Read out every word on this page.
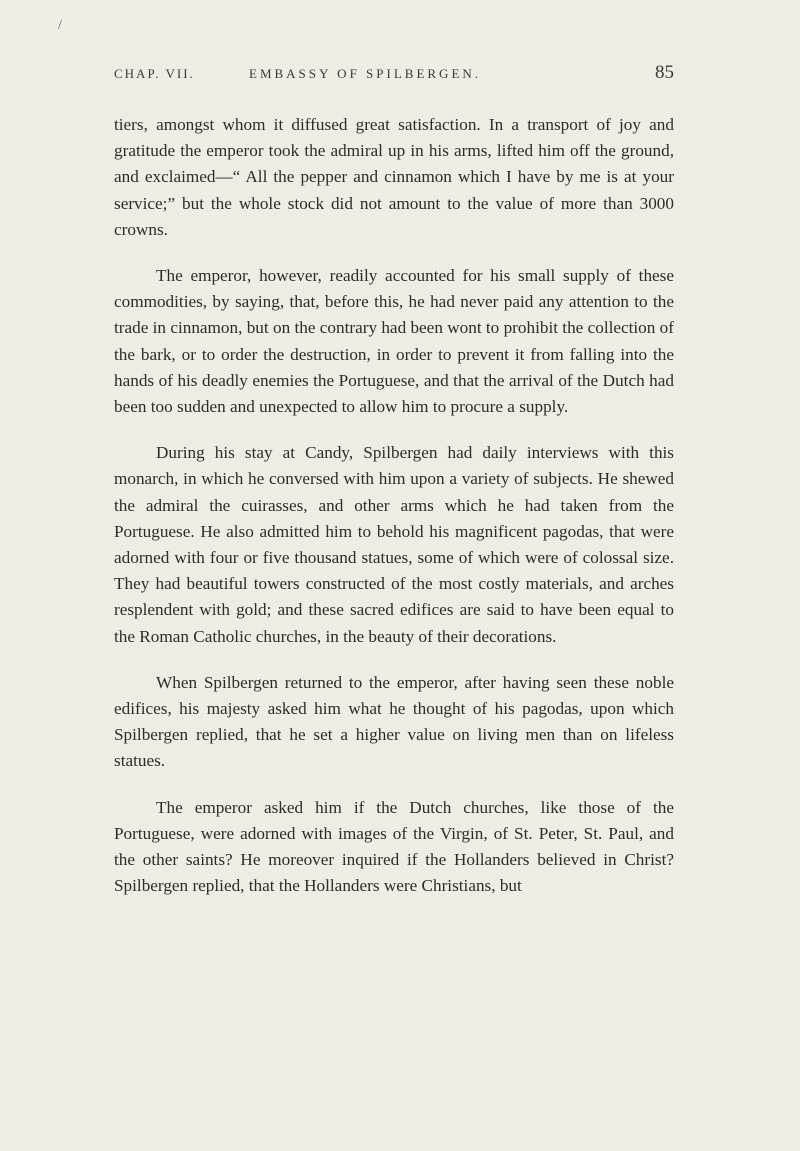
/
CHAP. VII.	EMBASSY OF SPILBERGEN.	85

tiers, amongst whom it diffused great satisfaction. In a transport of joy and gratitude the emperor took the admiral up in his arms, lifted him off the ground, and exclaimed—“ All the pepper and cinnamon which I have by me is at your service;” but the whole stock did not amount to the value of more than 3000 crowns.

The emperor, however, readily accounted for his small supply of these commodities, by saying, that, before this, he had never paid any attention to the trade in cinnamon, but on the contrary had been wont to prohibit the collection of the bark, or to order the destruction, in order to prevent it from falling into the hands of his deadly enemies the Portuguese, and that the arrival of the Dutch had been too sudden and unexpected to allow him to procure a supply.

During his stay at Candy, Spilbergen had daily interviews with this monarch, in which he conversed with him upon a variety of subjects. He shewed the admiral the cuirasses, and other arms which he had taken from the Portuguese. He also admitted him to behold his magnificent pagodas, that were adorned with four or five thousand statues, some of which were of colossal size. They had beautiful towers constructed of the most costly materials, and arches resplendent with gold; and these sacred edifices are said to have been equal to the Roman Catholic churches, in the beauty of their decorations.

When Spilbergen returned to the emperor, after having seen these noble edifices, his majesty asked him what he thought of his pagodas, upon which Spilbergen replied, that he set a higher value on living men than on lifeless statues.

The emperor asked him if the Dutch churches, like those of the Portuguese, were adorned with images of the Virgin, of St. Peter, St. Paul, and the other saints? He moreover inquired if the Hollanders believed in Christ? Spilbergen replied, that the Hollanders were Christians, but
